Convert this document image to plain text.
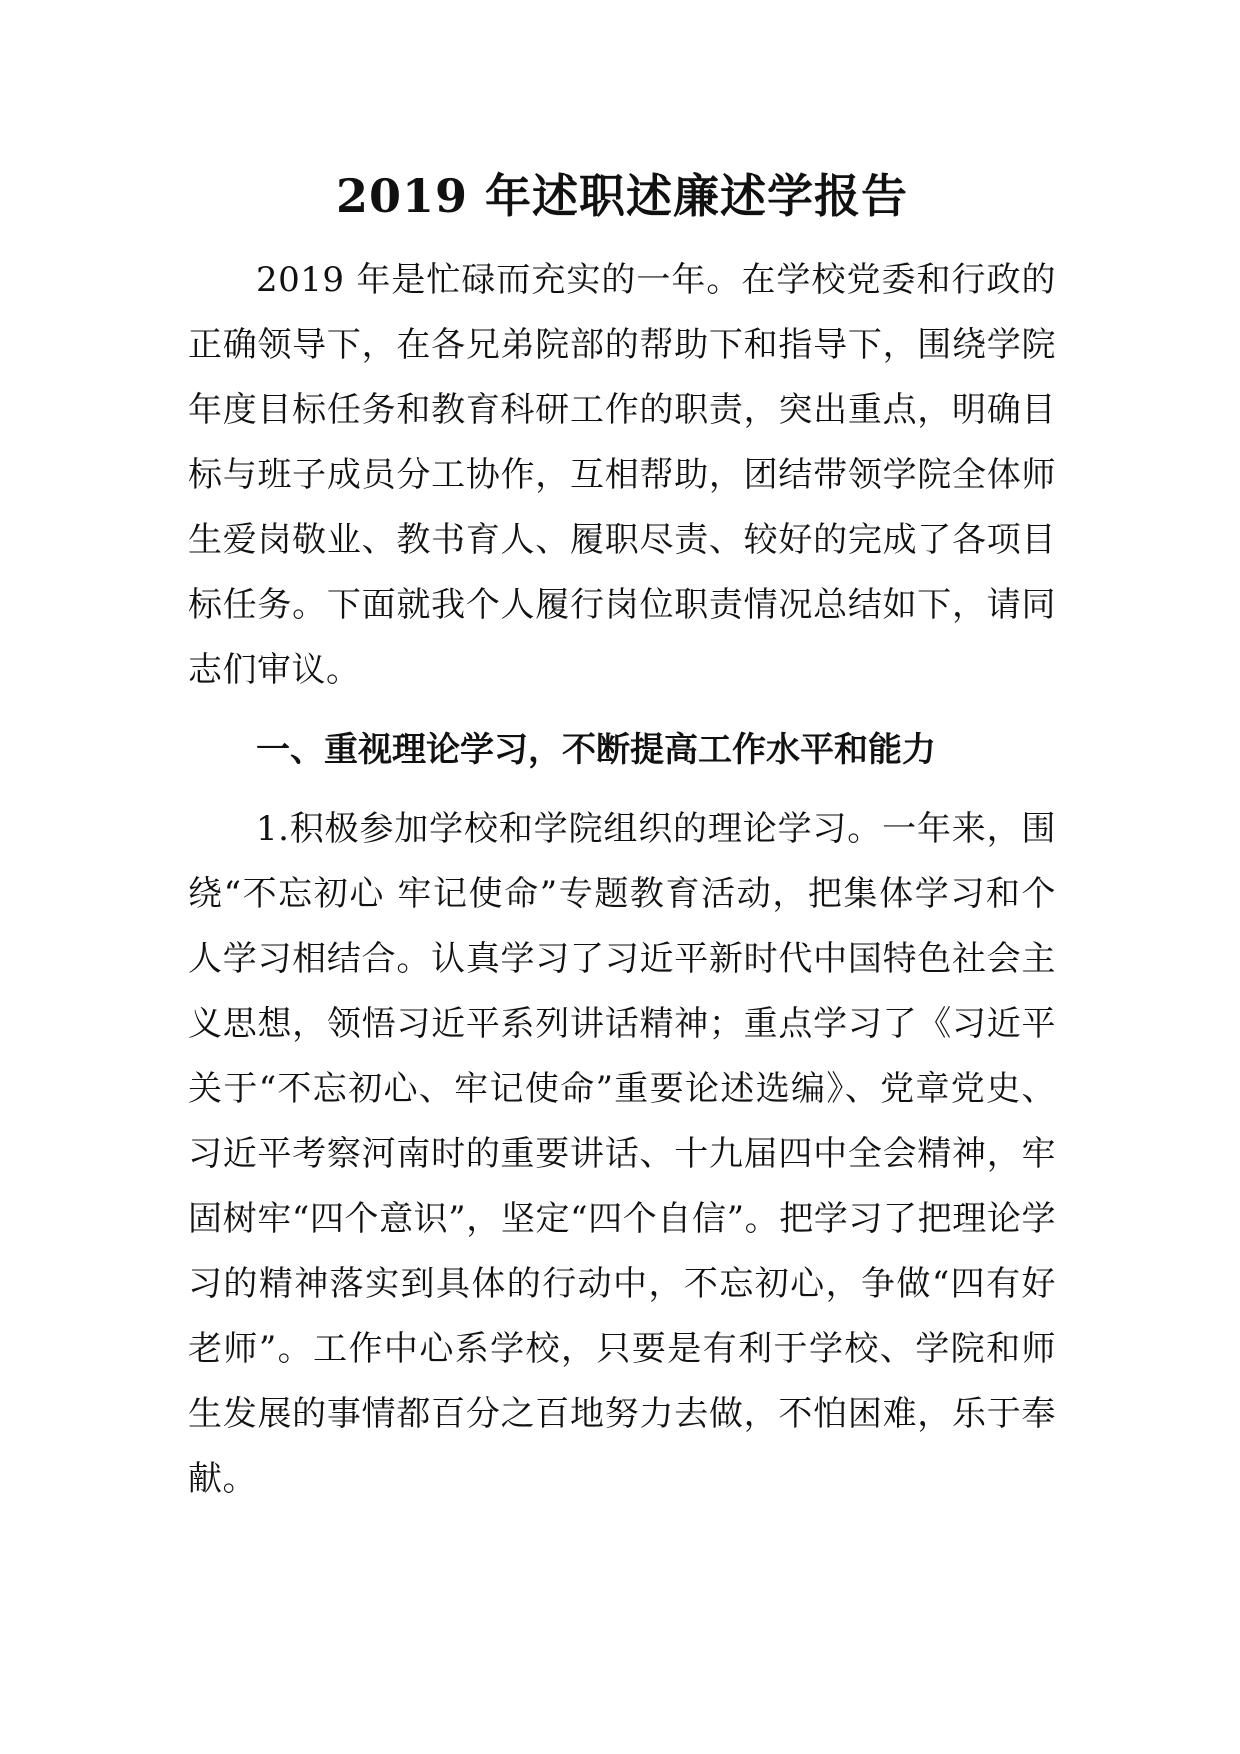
2019 年述职述廉述学报告

2019 年是忙碌而充实的一年。在学校党委和行政的正确领导下，在各兄弟院部的帮助下和指导下，围绕学院年度目标任务和教育科研工作的职责，突出重点，明确目标与班子成员分工协作，互相帮助，团结带领学院全体师生爱岗敬业、教书育人、履职尽责、较好的完成了各项目标任务。下面就我个人履行岗位职责情况总结如下，请同志们审议。

一、重视理论学习，不断提高工作水平和能力

1.积极参加学校和学院组织的理论学习。一年来，围绕“不忘初心 牢记使命”专题教育活动，把集体学习和个人学习相结合。认真学习了习近平新时代中国特色社会主义思想，领悟习近平系列讲话精神；重点学习了《习近平关于“不忘初心、牢记使命”重要论述选编》、党章党史、习近平考察河南时的重要讲话、十九届四中全会精神，牢固树牢“四个意识”，坚定“四个自信”。把学习了把理论学习的精神落实到具体的行动中，不忘初心，争做“四有好老师”。工作中心系学校，只要是有利于学校、学院和师生发展的事情都百分之百地努力去做，不怕困难，乐于奉献。
